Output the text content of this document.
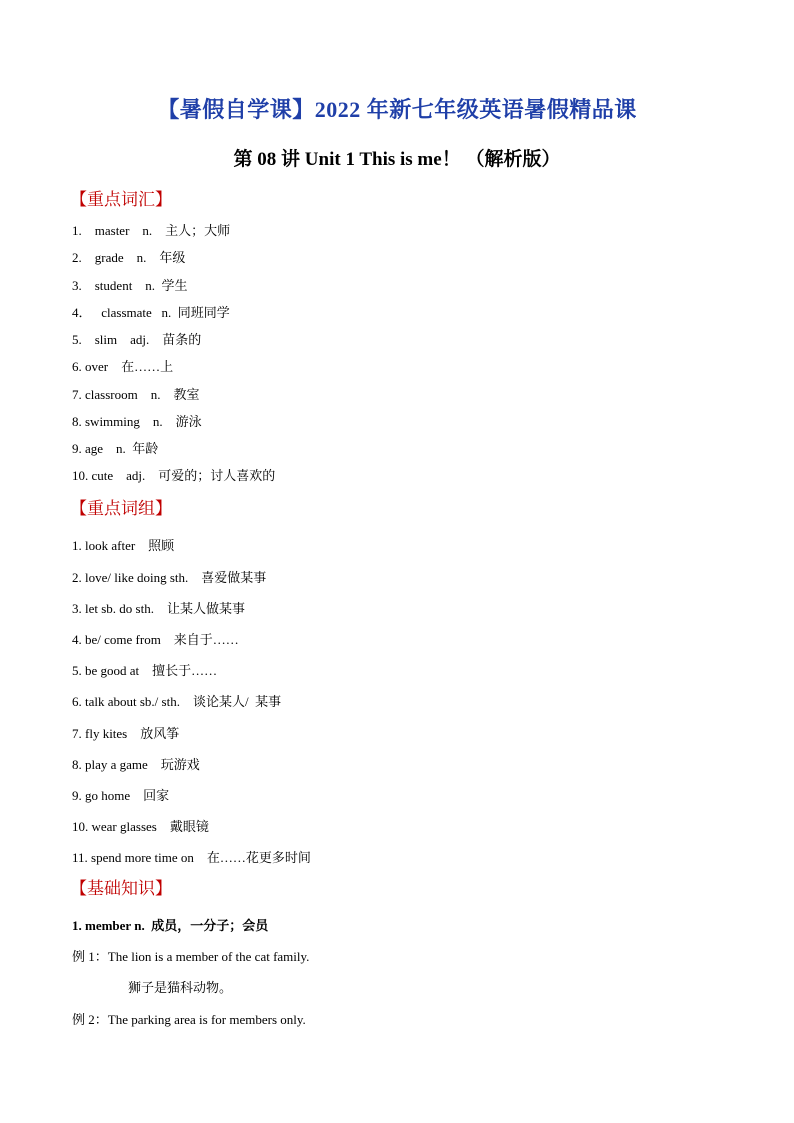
【暑假自学课】2022 年新七年级英语暑假精品课
第 08 讲 Unit 1 This is me！ （解析版）
【重点词汇】
1.    master    n.    主人；大师
2.    grade    n.    年级
3.    student    n.  学生
4．   classmate   n.  同班同学
5.    slim    adj.    苗条的
6. over    在……上
7. classroom    n.    教室
8. swimming    n.    游泳
9. age    n.  年龄
10. cute    adj.    可爱的；讨人喜欢的
【重点词组】
1. look after    照顾
2. love/ like doing sth.    喜爱做某事
3. let sb. do sth.    让某人做某事
4. be/ come from    来自于……
5. be good at    擅长于……
6. talk about sb./ sth.    谈论某人/  某事
7. fly kites    放风筝
8. play a game    玩游戏
9. go home    回家
10. wear glasses    戴眼镜
11. spend more time on    在……花更多时间
【基础知识】
1. member n.  成员，一分子；会员
例 1：The lion is a member of the cat family.
狮子是猫科动物。
例 2：The parking area is for members only.
